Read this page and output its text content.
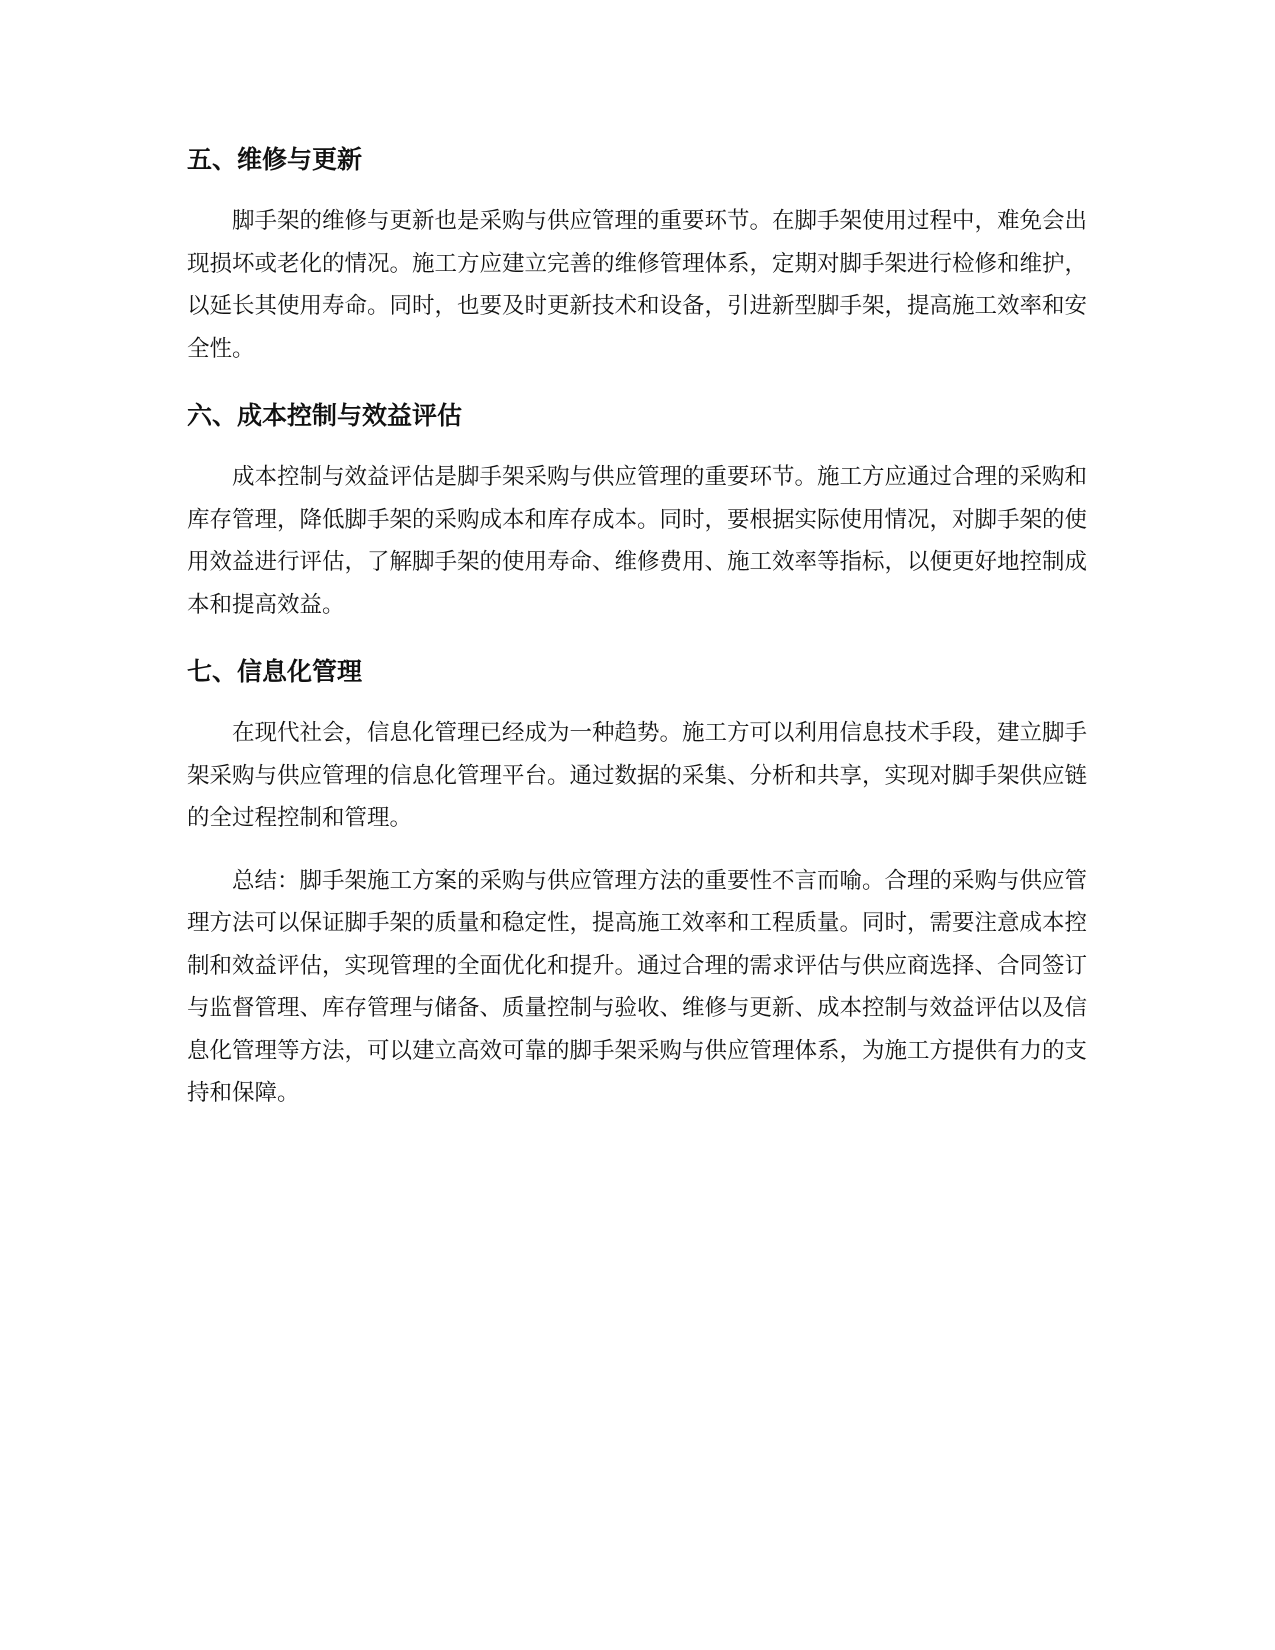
五、维修与更新

脚手架的维修与更新也是采购与供应管理的重要环节。在脚手架使用过程中，难免会出现损坏或老化的情况。施工方应建立完善的维修管理体系，定期对脚手架进行检修和维护，以延长其使用寿命。同时，也要及时更新技术和设备，引进新型脚手架，提高施工效率和安全性。

六、成本控制与效益评估

成本控制与效益评估是脚手架采购与供应管理的重要环节。施工方应通过合理的采购和库存管理，降低脚手架的采购成本和库存成本。同时，要根据实际使用情况，对脚手架的使用效益进行评估，了解脚手架的使用寿命、维修费用、施工效率等指标，以便更好地控制成本和提高效益。

七、信息化管理

在现代社会，信息化管理已经成为一种趋势。施工方可以利用信息技术手段，建立脚手架采购与供应管理的信息化管理平台。通过数据的采集、分析和共享，实现对脚手架供应链的全过程控制和管理。

总结：脚手架施工方案的采购与供应管理方法的重要性不言而喻。合理的采购与供应管理方法可以保证脚手架的质量和稳定性，提高施工效率和工程质量。同时，需要注意成本控制和效益评估，实现管理的全面优化和提升。通过合理的需求评估与供应商选择、合同签订与监督管理、库存管理与储备、质量控制与验收、维修与更新、成本控制与效益评估以及信息化管理等方法，可以建立高效可靠的脚手架采购与供应管理体系，为施工方提供有力的支持和保障。
